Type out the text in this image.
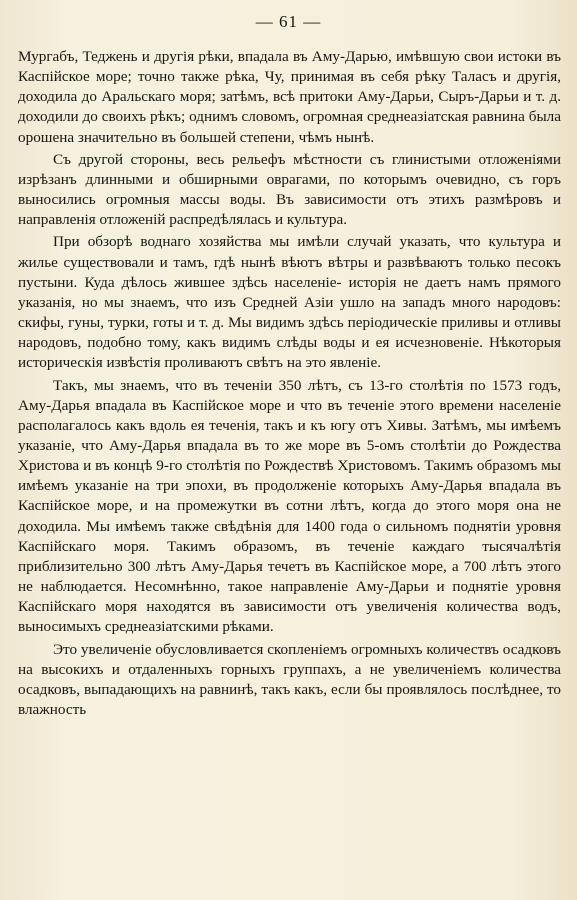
— 61 —

Мургабъ, Теджень и другія рѣки, впадала въ Аму-Дарью, имѣвшую свои истоки въ Каспійское море; точно также рѣка, Чу, принимая въ себя рѣку Таласъ и другія, доходила до Аральскаго моря; затѣмъ, всѣ притоки Аму-Дарьи, Сыръ-Дарьи и т. д. доходили до своихъ рѣкъ; однимъ словомъ, огромная среднеазіатская равнина была орошена значительно въ большей степени, чѣмъ нынѣ.

Съ другой стороны, весь рельефъ мѣстности съ глинистыми отложеніями изрѣзанъ длинными и обширными оврагами, по которымъ очевидно, съ горъ выносились огромныя массы воды. Въ зависимости отъ этихъ размѣровъ и направленія отложеній распредѣлялась и культура.

При обзорѣ воднаго хозяйства мы имѣли случай указать, что культура и жилье существовали и тамъ, гдѣ нынѣ вѣютъ вѣтры и развѣваютъ только песокъ пустыни. Куда дѣлось жившее здѣсь населеніе- исторія не даетъ намъ прямого указанія, но мы знаемъ, что изъ Средней Азіи ушло на западъ много народовъ: скифы, гуны, турки, готы и т. д. Мы видимъ здѣсь періодическіе приливы и отливы народовъ, подобно тому, какъ видимъ слѣды воды и ея исчезновеніе. Нѣкоторыя историческія извѣстія проливаютъ свѣтъ на это явленіе.

Такъ, мы знаемъ, что въ теченіи 350 лѣтъ, съ 13-го столѣтія по 1573 годъ, Аму-Дарья впадала въ Каспійское море и что въ теченіе этого времени населеніе располагалось какъ вдоль ея теченія, такъ и къ югу отъ Хивы. Затѣмъ, мы имѣемъ указаніе, что Аму-Дарья впадала въ то же море въ 5-омъ столѣтіи до Рождества Христова и въ концѣ 9-го столѣтія по Рождествѣ Христовомъ. Такимъ образомъ мы имѣемъ указаніе на три эпохи, въ продолженіе которыхъ Аму-Дарья впадала въ Каспійское море, и на промежутки въ сотни лѣтъ, когда до этого моря она не доходила. Мы имѣемъ также свѣдѣнія для 1400 года о сильномъ поднятіи уровня Каспійскаго моря. Такимъ образомъ, въ теченіе каждаго тысячалѣтія приблизительно 300 лѣтъ Аму-Дарья течетъ въ Каспійское море, а 700 лѣтъ этого не наблюдается. Несомнѣнно, такое направленіе Аму-Дарьи и поднятіе уровня Каспійскаго моря находятся въ зависимости отъ увеличенія количества водъ, выносимыхъ среднеазіатскими рѣками.

Это увеличеніе обусловливается скопленіемъ огромныхъ количествъ осадковъ на высокихъ и отдаленныхъ горныхъ группахъ, а не увеличеніемъ количества осадковъ, выпадающихъ на равнинѣ, такъ какъ, если бы проявлялось послѣднее, то влажность
